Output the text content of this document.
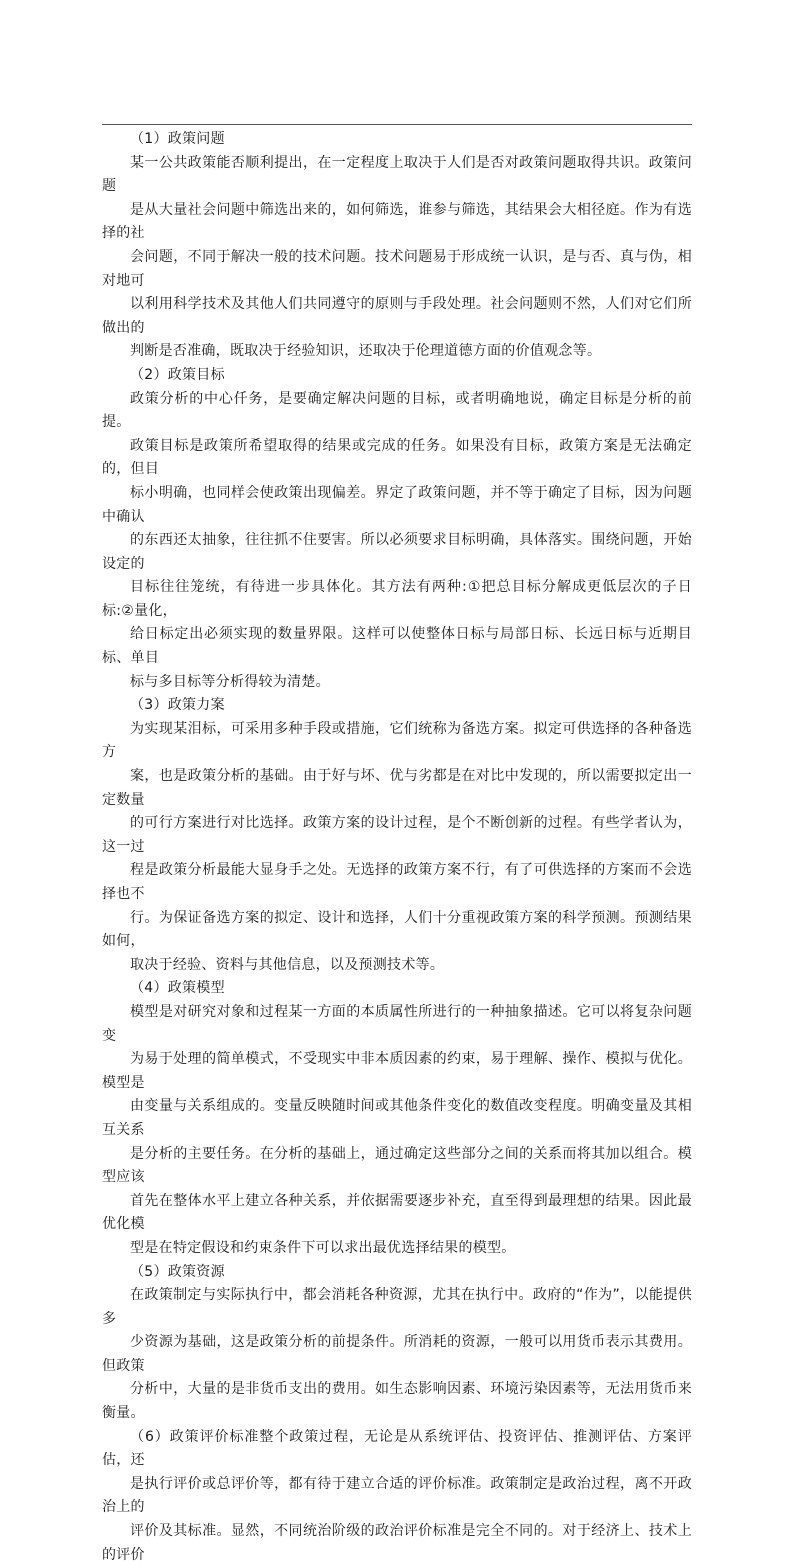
（1）政策问题
某一公共政策能否顺利提出，在一定程度上取决于人们是否对政策问题取得共识。政策问题
是从大量社会问题中筛选出来的，如何筛选，谁参与筛选，其结果会大相径庭。作为有选择的社
会问题，不同于解决一般的技术问题。技术问题易于形成统一认识，是与否、真与伪，相对地可
以利用科学技术及其他人们共同遵守的原则与手段处理。社会问题则不然，人们对它们所做出的
判断是否准确，既取决于经验知识，还取决于伦理道德方面的价值观念等。
（2）政策目标
政策分析的中心仟务，是要确定解决问题的目标，或者明确地说，确定目标是分析的前提。
政策目标是政策所希望取得的结果或完成的任务。如果没有目标，政策方案是无法确定的，但目
标小明确，也同样会使政策出现偏差。界定了政策问题，并不等于确定了目标，因为问题中确认
的东西还太抽象，往往抓不住要害。所以必须要求目标明确，具体落实。围绕问题，开始设定的
目标往往笼统，有待进一步具体化。其方法有两种:①把总目标分解成更低层次的子日标:②量化，
给日标定出必须实现的数量界限。这样可以使整体日标与局部日标、长远日标与近期目标、单目
标与多目标等分析得较为清楚。
（3）政策力案
为实现某泪标，可采用多种手段或措施，它们统称为备选方案。拟定可供选择的各种备选方
案，也是政策分析的基础。由于好与坏、优与劣都是在对比中发现的，所以需要拟定出一定数量
的可行方案进行对比选择。政策方案的设计过程，是个不断创新的过程。有些学者认为，这一过
程是政策分析最能大显身手之处。无选择的政策方案不行，有了可供选择的方案而不会选择也不
行。为保证备选方案的拟定、设计和选择，人们十分重视政策方案的科学预测。预测结果如何，
取决于经验、资料与其他信息，以及预测技术等。
（4）政策模型
模型是对研究对象和过程某一方面的本质属性所进行的一种抽象描述。它可以将复杂问题变
为易于处理的简单模式，不受现实中非本质因素的约束，易于理解、操作、模拟与优化。模型是
由变量与关系组成的。变量反映随时间或其他条件变化的数值改变程度。明确变量及其相互关系
是分析的主要任务。在分析的基础上，通过确定这些部分之间的关系而将其加以组合。模型应该
首先在整体水平上建立各种关系，并依据需要逐步补充，直至得到最理想的结果。因此最优化模
型是在特定假设和约束条件下可以求出最优选择结果的模型。
（5）政策资源
在政策制定与实际执行中，都会消耗各种资源，尤其在执行中。政府的“作为”，以能提供多
少资源为基础，这是政策分析的前提条件。所消耗的资源，一般可以用货币表示其费用。但政策
分析中，大量的是非货币支出的费用。如生态影响因素、环境污染因素等，无法用货币来衡量。
（6）政策评价标准整个政策过程，无论是从系统评估、投资评估、推测评估、方案评估，还
是执行评价或总评价等，都有待于建立合适的评价标准。政策制定是政治过程，离不开政治上的
评价及其标准。显然，不同统治阶级的政治评价标准是完全不同的。对于经济上、技术上的评价
